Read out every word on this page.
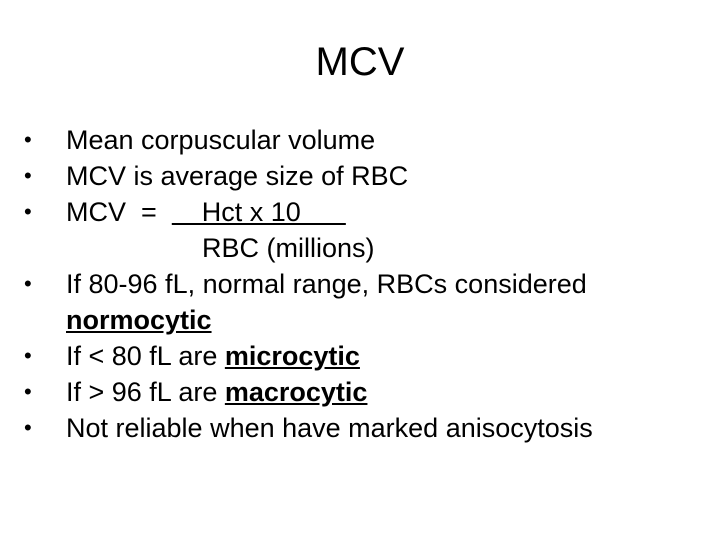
MCV
•	Mean corpuscular volume
•	MCV is average size of RBC
•	MCV  =      Hct x 10
RBC (millions)
•	If 80-96 fL, normal range, RBCs considered
normocytic
•	If < 80 fL are microcytic
•	If > 96 fL are macrocytic
•	Not reliable when have marked anisocytosis
